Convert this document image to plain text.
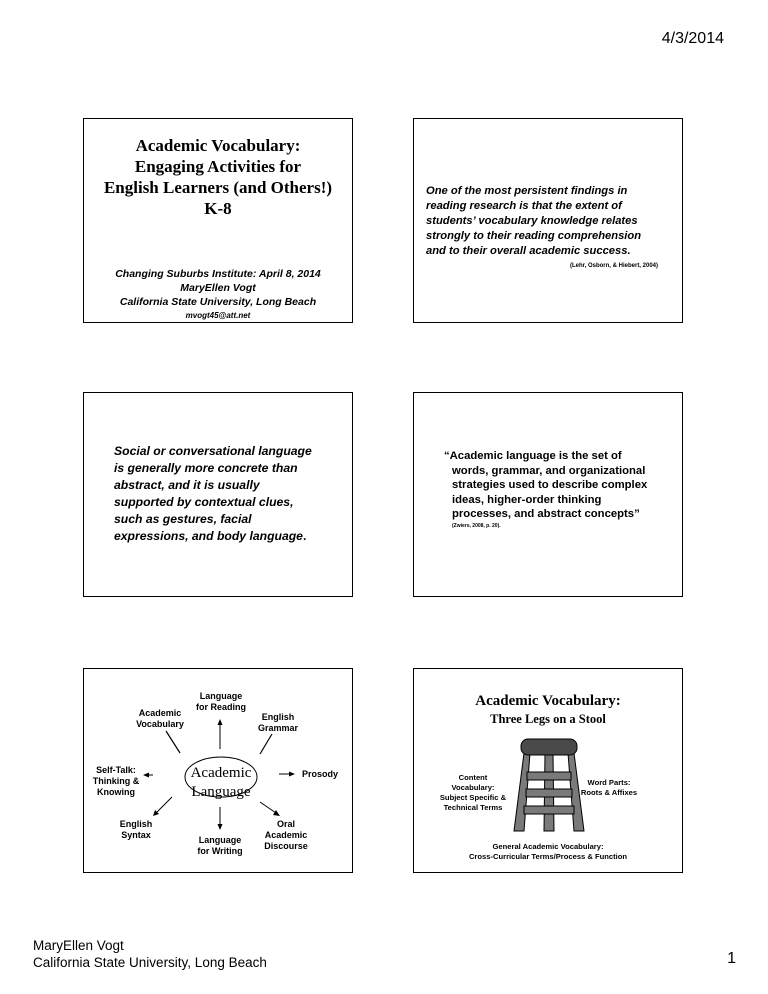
4/3/2014
Academic Vocabulary:
Engaging Activities for
English Learners (and Others!)
K-8
Changing Suburbs Institute: April 8, 2014
MaryEllen Vogt
California State University, Long Beach
mvogt45@att.net
One of the most persistent findings in
reading research is that the extent of
students’ vocabulary knowledge relates
strongly to their reading comprehension
and to their overall academic success.
(Lehr, Osborn, & Hiebert, 2004)
Social or conversational language
is generally more concrete than
abstract, and it is usually
supported by contextual clues,
such as gestures, facial
expressions, and body language.
“Academic language is the set of
words, grammar, and organizational
strategies used to describe complex
ideas, higher-order thinking
processes, and abstract concepts”
(Zwiers, 2008, p. 20).
Academic
Language
Language
for Reading
Academic
Vocabulary
English
Grammar
Self-Talk:
Thinking &
Knowing
Prosody
English
Syntax	Language
for Writing
Oral
Academic
Discourse
Academic Vocabulary:
Three Legs on a Stool
Content
Vocabulary:
Subject Specific &
Technical Terms
Word Parts:
Roots & Affixes
General Academic Vocabulary:
Cross-Curricular Terms/Process & Function
MaryEllen Vogt
California State University, Long Beach	1
